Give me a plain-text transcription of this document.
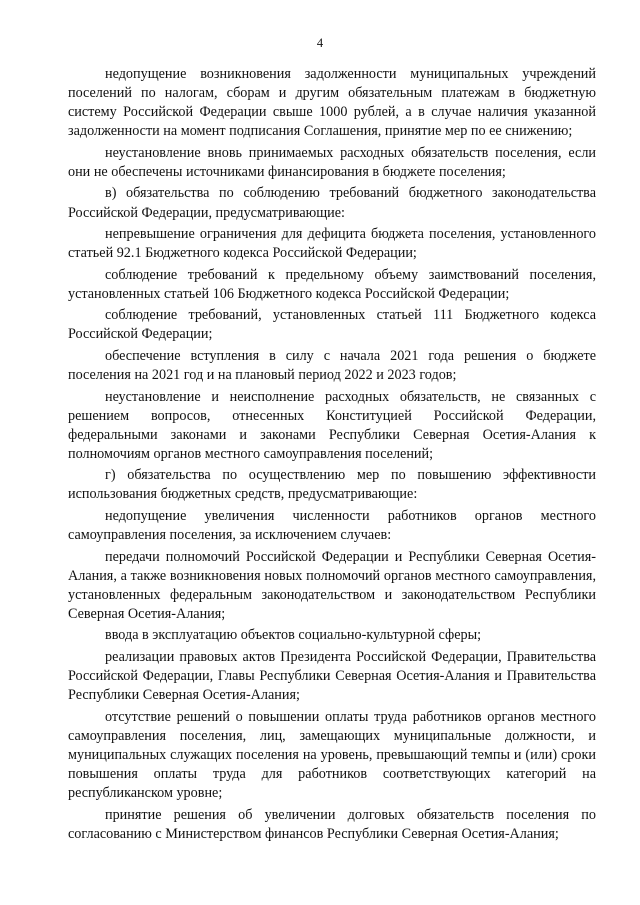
4

недопущение возникновения задолженности муниципальных учреждений поселений по налогам, сборам и другим обязательным платежам в бюджетную систему Российской Федерации свыше 1000 рублей, а в случае наличия указанной задолженности на момент подписания Соглашения, принятие мер по ее снижению;

неустановление вновь принимаемых расходных обязательств поселения, если они не обеспечены источниками финансирования в бюджете поселения;

в) обязательства по соблюдению требований бюджетного законодательства Российской Федерации, предусматривающие:

непревышение ограничения для дефицита бюджета поселения, установленного статьей 92.1 Бюджетного кодекса Российской Федерации;

соблюдение требований к предельному объему заимствований поселения, установленных статьей 106 Бюджетного кодекса Российской Федерации;

соблюдение требований, установленных статьей 111 Бюджетного кодекса Российской Федерации;

обеспечение вступления в силу с начала 2021 года решения о бюджете поселения на 2021 год и на плановый период 2022 и 2023 годов;

неустановление и неисполнение расходных обязательств, не связанных с решением вопросов, отнесенных Конституцией Российской Федерации, федеральными законами и законами Республики Северная Осетия-Алания к полномочиям органов местного самоуправления поселений;

г) обязательства по осуществлению мер по повышению эффективности использования бюджетных средств, предусматривающие:

недопущение увеличения численности работников органов местного самоуправления поселения, за исключением случаев:

передачи полномочий Российской Федерации и Республики Северная Осетия-Алания, а также возникновения новых полномочий органов местного самоуправления, установленных федеральным законодательством и законодательством Республики Северная Осетия-Алания;

ввода в эксплуатацию объектов социально-культурной сферы;

реализации правовых актов Президента Российской Федерации, Правительства Российской Федерации, Главы Республики Северная Осетия-Алания и Правительства Республики Северная Осетия-Алания;

отсутствие решений о повышении оплаты труда работников органов местного самоуправления поселения, лиц, замещающих муниципальные должности, и муниципальных служащих поселения на уровень, превышающий темпы и (или) сроки повышения оплаты труда для работников соответствующих категорий на республиканском уровне;

принятие решения об увеличении долговых обязательств поселения по согласованию с Министерством финансов Республики Северная Осетия-Алания;
